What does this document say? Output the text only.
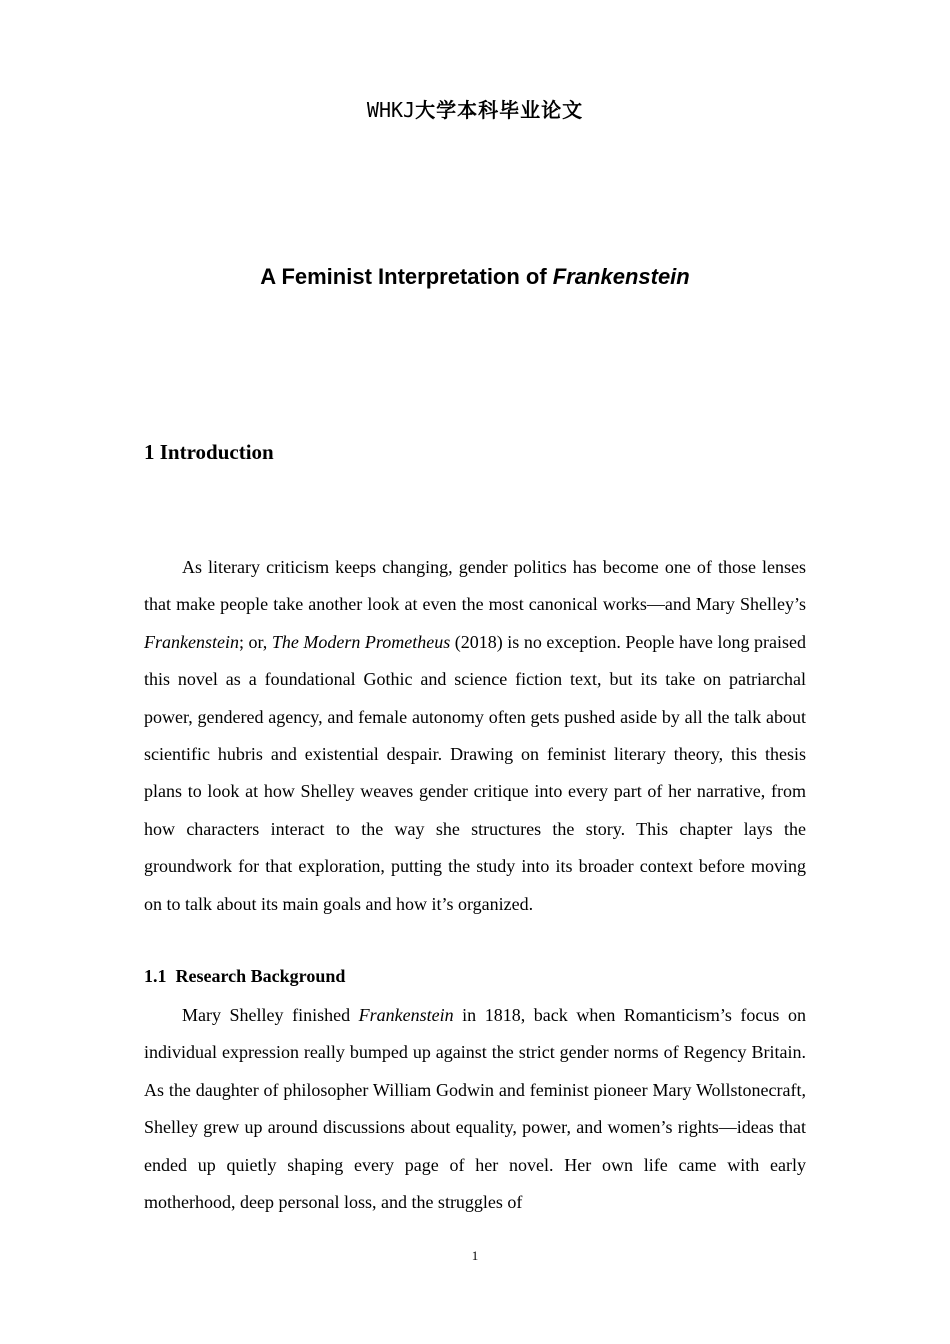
WHKJ大学本科毕业论文
A Feminist Interpretation of Frankenstein
1 Introduction

As literary criticism keeps changing, gender politics has become one of those lenses that make people take another look at even the most canonical works—and Mary Shelley’s Frankenstein; or, The Modern Prometheus (2018) is no exception. People have long praised this novel as a foundational Gothic and science fiction text, but its take on patriarchal power, gendered agency, and female autonomy often gets pushed aside by all the talk about scientific hubris and existential despair. Drawing on feminist literary theory, this thesis plans to look at how Shelley weaves gender critique into every part of her narrative, from how characters interact to the way she structures the story. This chapter lays the groundwork for that exploration, putting the study into its broader context before moving on to talk about its main goals and how it’s organized.

1.1  Research Background

Mary Shelley finished Frankenstein in 1818, back when Romanticism’s focus on individual expression really bumped up against the strict gender norms of Regency Britain. As the daughter of philosopher William Godwin and feminist pioneer Mary Wollstonecraft, Shelley grew up around discussions about equality, power, and women’s rights—ideas that ended up quietly shaping every page of her novel. Her own life came with early motherhood, deep personal loss, and the struggles of

1
